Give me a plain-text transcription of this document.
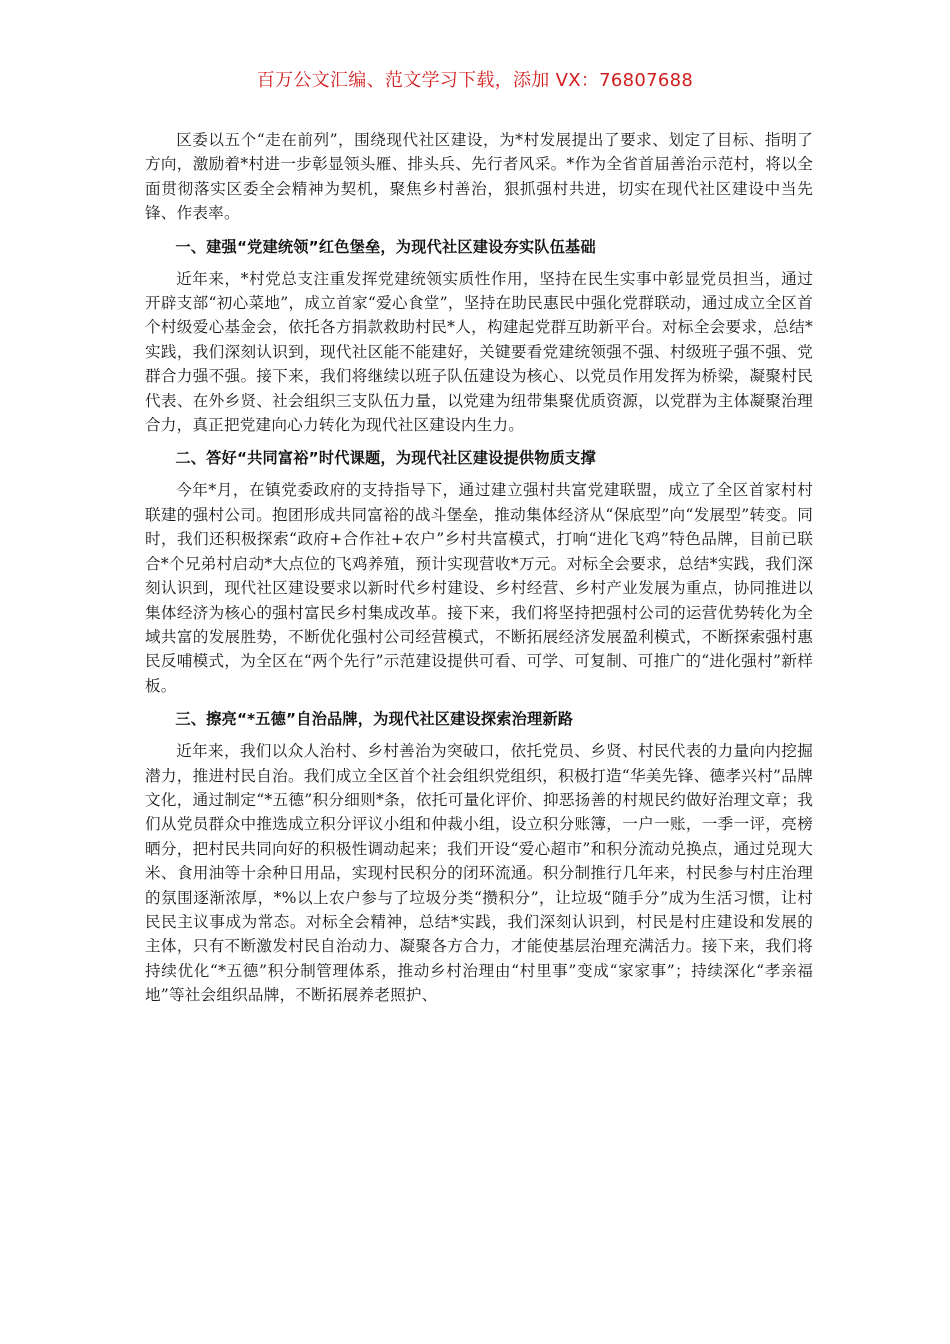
百万公文汇编、范文学习下载，添加 VX：76807688

区委以五个“走在前列”，围绕现代社区建设，为*村发展提出了要求、划定了目标、指明了方向，激励着*村进一步彰显领头雁、排头兵、先行者风采。*作为全省首届善治示范村，将以全面贯彻落实区委全会精神为契机，聚焦乡村善治，狠抓强村共进，切实在现代社区建设中当先锋、作表率。

一、建强“党建统领”红色堡垒，为现代社区建设夯实队伍基础

近年来，*村党总支注重发挥党建统领实质性作用，坚持在民生实事中彰显党员担当，通过开辟支部“初心菜地”，成立首家“爱心食堂”，坚持在助民惠民中强化党群联动，通过成立全区首个村级爱心基金会，依托各方捐款救助村民*人，构建起党群互助新平台。对标全会要求，总结*实践，我们深刻认识到，现代社区能不能建好，关键要看党建统领强不强、村级班子强不强、党群合力强不强。接下来，我们将继续以班子队伍建设为核心、以党员作用发挥为桥梁，凝聚村民代表、在外乡贤、社会组织三支队伍力量，以党建为纽带集聚优质资源，以党群为主体凝聚治理合力，真正把党建向心力转化为现代社区建设内生力。

二、答好“共同富裕”时代课题，为现代社区建设提供物质支撑

今年*月，在镇党委政府的支持指导下，通过建立强村共富党建联盟，成立了全区首家村村联建的强村公司。抱团形成共同富裕的战斗堡垒，推动集体经济从“保底型”向“发展型”转变。同时，我们还积极探索“政府+合作社+农户”乡村共富模式，打响“进化飞鸡”特色品牌，目前已联合*个兄弟村启动*大点位的飞鸡养殖，预计实现营收*万元。对标全会要求，总结*实践，我们深刻认识到，现代社区建设要求以新时代乡村建设、乡村经营、乡村产业发展为重点，协同推进以集体经济为核心的强村富民乡村集成改革。接下来，我们将坚持把强村公司的运营优势转化为全域共富的发展胜势，不断优化强村公司经营模式，不断拓展经济发展盈利模式，不断探索强村惠民反哺模式，为全区在“两个先行”示范建设提供可看、可学、可复制、可推广的“进化强村”新样板。

三、擦亮“*五德”自治品牌，为现代社区建设探索治理新路

近年来，我们以众人治村、乡村善治为突破口，依托党员、乡贤、村民代表的力量向内挖掘潜力，推进村民自治。我们成立全区首个社会组织党组织，积极打造“华美先锋、德孝兴村”品牌文化，通过制定“*五德”积分细则*条，依托可量化评价、抑恶扬善的村规民约做好治理文章；我们从党员群众中推选成立积分评议小组和仲裁小组，设立积分账簿，一户一账，一季一评，亮榜晒分，把村民共同向好的积极性调动起来；我们开设“爱心超市”和积分流动兑换点，通过兑现大米、食用油等十余种日用品，实现村民积分的闭环流通。积分制推行几年来，村民参与村庄治理的氛围逐渐浓厚，*%以上农户参与了垃圾分类“攒积分”，让垃圾“随手分”成为生活习惯，让村民民主议事成为常态。对标全会精神，总结*实践，我们深刻认识到，村民是村庄建设和发展的主体，只有不断激发村民自治动力、凝聚各方合力，才能使基层治理充满活力。接下来，我们将持续优化“*五德”积分制管理体系，推动乡村治理由“村里事”变成“家家事”；持续深化“孝亲福地”等社会组织品牌，不断拓展养老照护、
